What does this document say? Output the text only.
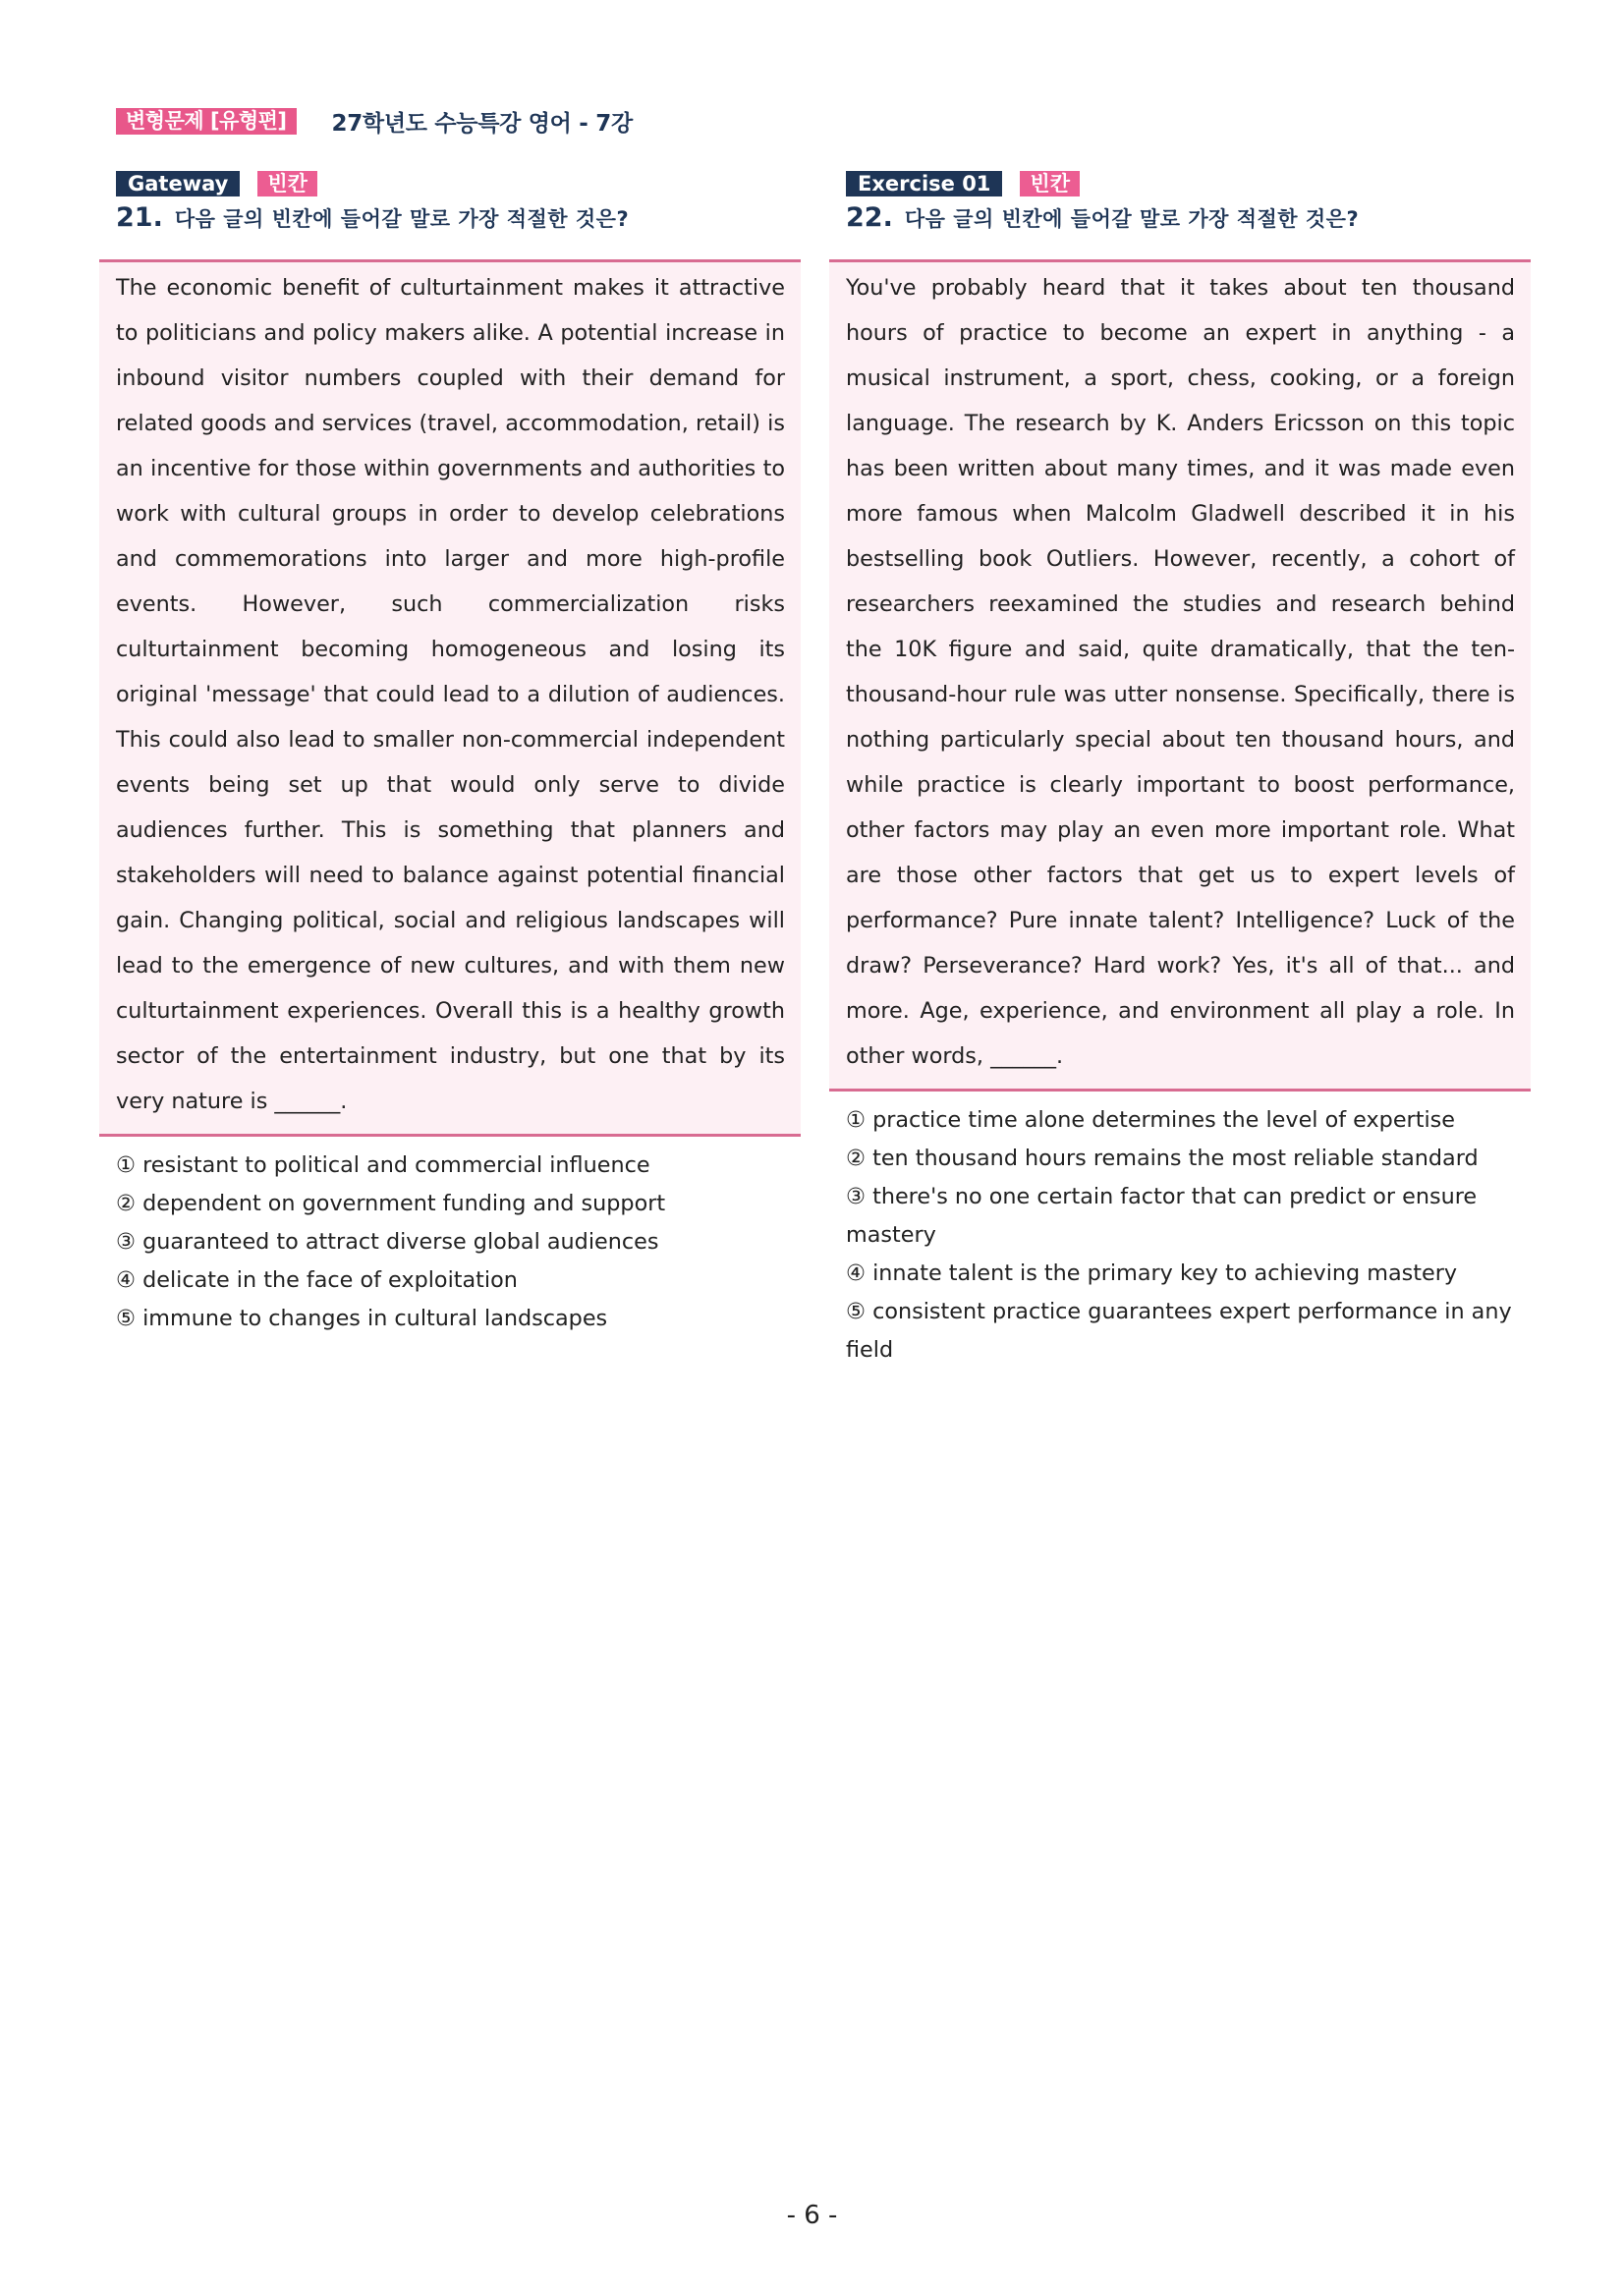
변형문제 [유형편]	27학년도 수능특강 영어 - 7강
Gateway	빈칸
21. 다음 글의 빈칸에 들어갈 말로 가장 적절한 것은?
The economic benefit of culturtainment makes it attractive to politicians and policy makers alike. A potential increase in inbound visitor numbers coupled with their demand for related goods and services (travel, accommodation, retail) is an incentive for those within governments and authorities to work with cultural groups in order to develop celebrations and commemorations into larger and more high-profile events. However, such commercialization risks culturtainment becoming homogeneous and losing its original 'message' that could lead to a dilution of audiences. This could also lead to smaller non-commercial independent events being set up that would only serve to divide audiences further. This is something that planners and stakeholders will need to balance against potential financial gain. Changing political, social and religious landscapes will lead to the emergence of new cultures, and with them new culturtainment experiences. Overall this is a healthy growth sector of the entertainment industry, but one that by its very nature is ______.
① resistant to political and commercial influence
② dependent on government funding and support
③ guaranteed to attract diverse global audiences
④ delicate in the face of exploitation
⑤ immune to changes in cultural landscapes
Exercise 01	빈칸
22. 다음 글의 빈칸에 들어갈 말로 가장 적절한 것은?
You've probably heard that it takes about ten thousand hours of practice to become an expert in anything - a musical instrument, a sport, chess, cooking, or a foreign language. The research by K. Anders Ericsson on this topic has been written about many times, and it was made even more famous when Malcolm Gladwell described it in his bestselling book Outliers. However, recently, a cohort of researchers reexamined the studies and research behind the 10K figure and said, quite dramatically, that the ten-thousand-hour rule was utter nonsense. Specifically, there is nothing particularly special about ten thousand hours, and while practice is clearly important to boost performance, other factors may play an even more important role. What are those other factors that get us to expert levels of performance? Pure innate talent? Intelligence? Luck of the draw? Perseverance? Hard work? Yes, it's all of that... and more. Age, experience, and environment all play a role. In other words, ______.
① practice time alone determines the level of expertise
② ten thousand hours remains the most reliable standard
③ there's no one certain factor that can predict or ensure mastery
④ innate talent is the primary key to achieving mastery
⑤ consistent practice guarantees expert performance in any field
- 6 -
